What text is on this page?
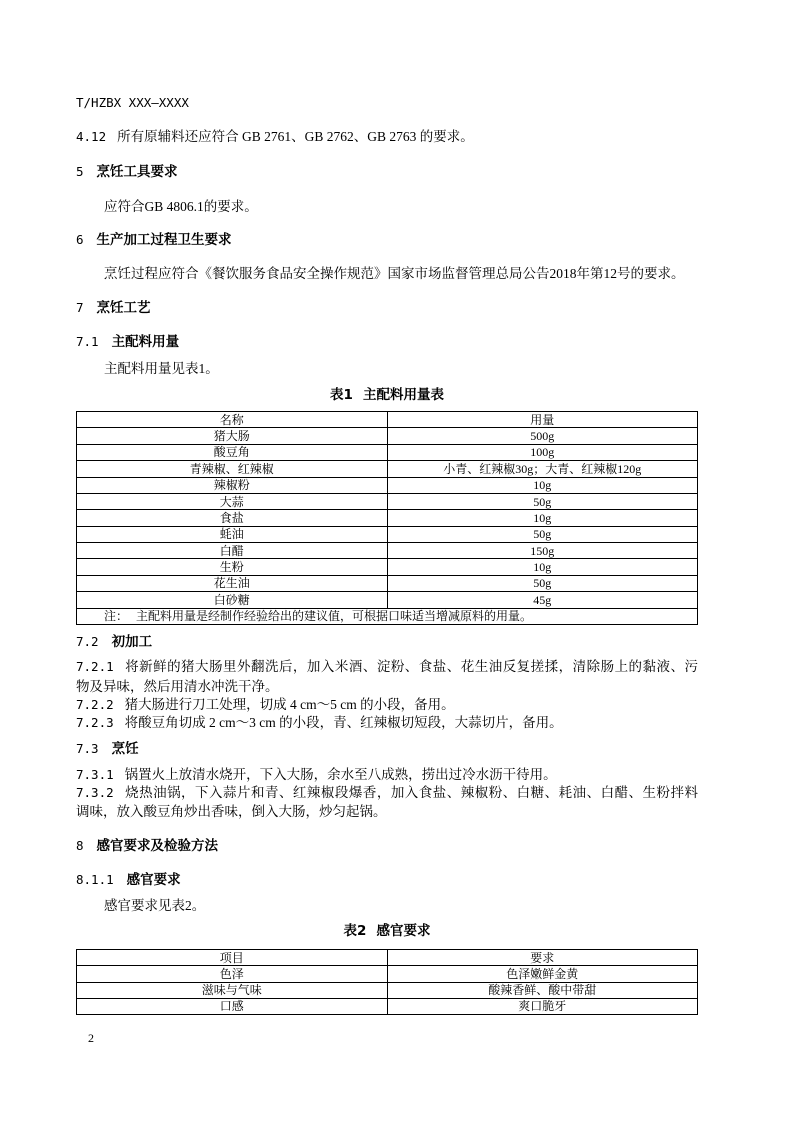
T/HZBX XXX—XXXX
4.12 所有原辅料还应符合 GB 2761、GB 2762、GB 2763 的要求。
5 烹饪工具要求
应符合GB 4806.1的要求。
6 生产加工过程卫生要求
烹饪过程应符合《餐饮服务食品安全操作规范》国家市场监督管理总局公告2018年第12号的要求。
7 烹饪工艺
7.1 主配料用量
主配料用量见表1。
表1 主配料用量表
名称	用量
猪大肠	500g
酸豆角	100g
青辣椒、红辣椒	小青、红辣椒30g；大青、红辣椒120g
辣椒粉	10g
大蒜	50g
食盐	10g
蚝油	50g
白醋	150g
生粉	10g
花生油	50g
白砂糖	45g
注： 主配料用量是经制作经验给出的建议值，可根据口味适当增减原料的用量。	
7.2 初加工
7.2.1 将新鲜的猪大肠里外翻洗后，加入米酒、淀粉、食盐、花生油反复搓揉，清除肠上的黏液、污
物及异味，然后用清水冲洗干净。
7.2.2 猪大肠进行刀工处理，切成 4 cm～5 cm 的小段，备用。
7.2.3 将酸豆角切成 2 cm～3 cm 的小段，青、红辣椒切短段，大蒜切片，备用。
7.3 烹饪
7.3.1 锅置火上放清水烧开，下入大肠，余水至八成熟，捞出过冷水沥干待用。
7.3.2 烧热油锅，下入蒜片和青、红辣椒段爆香，加入食盐、辣椒粉、白糖、耗油、白醋、生粉拌料
调味，放入酸豆角炒出香味，倒入大肠，炒匀起锅。
8 感官要求及检验方法
8.1.1 感官要求
感官要求见表2。
表2 感官要求
项目	要求
色泽	色泽嫩鲜金黄
滋味与气味	酸辣香鲜、酸中带甜
口感	爽口脆牙
2
